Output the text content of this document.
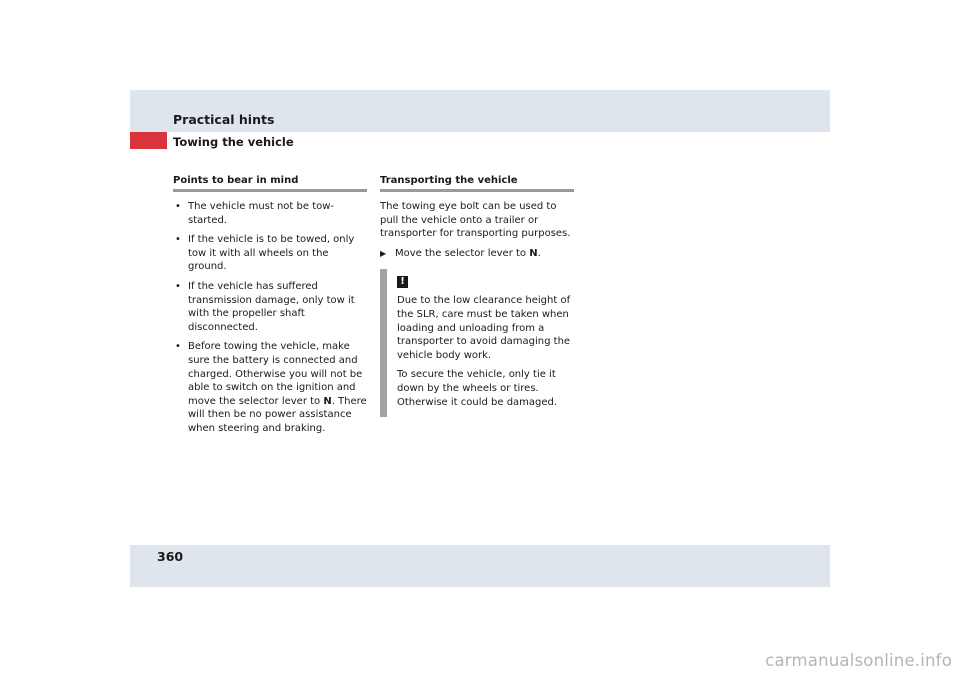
Practical hints
Towing the vehicle
Points to bear in mind
• The vehicle must not be tow-started.
• If the vehicle is to be towed, only tow it with all wheels on the ground.
• If the vehicle has suffered transmission damage, only tow it with the propeller shaft disconnected.
• Before towing the vehicle, make sure the battery is connected and charged. Otherwise you will not be able to switch on the ignition and move the selector lever to N. There will then be no power assistance when steering and braking.
Transporting the vehicle

The towing eye bolt can be used to pull the vehicle onto a trailer or transporter for transporting purposes.

▶ Move the selector lever to N.
!

Due to the low clearance height of the SLR, care must be taken when loading and unloading from a transporter to avoid damaging the vehicle body work.

To secure the vehicle, only tie it down by the wheels or tires. Otherwise it could be damaged.

360
carmanualsonline.info
